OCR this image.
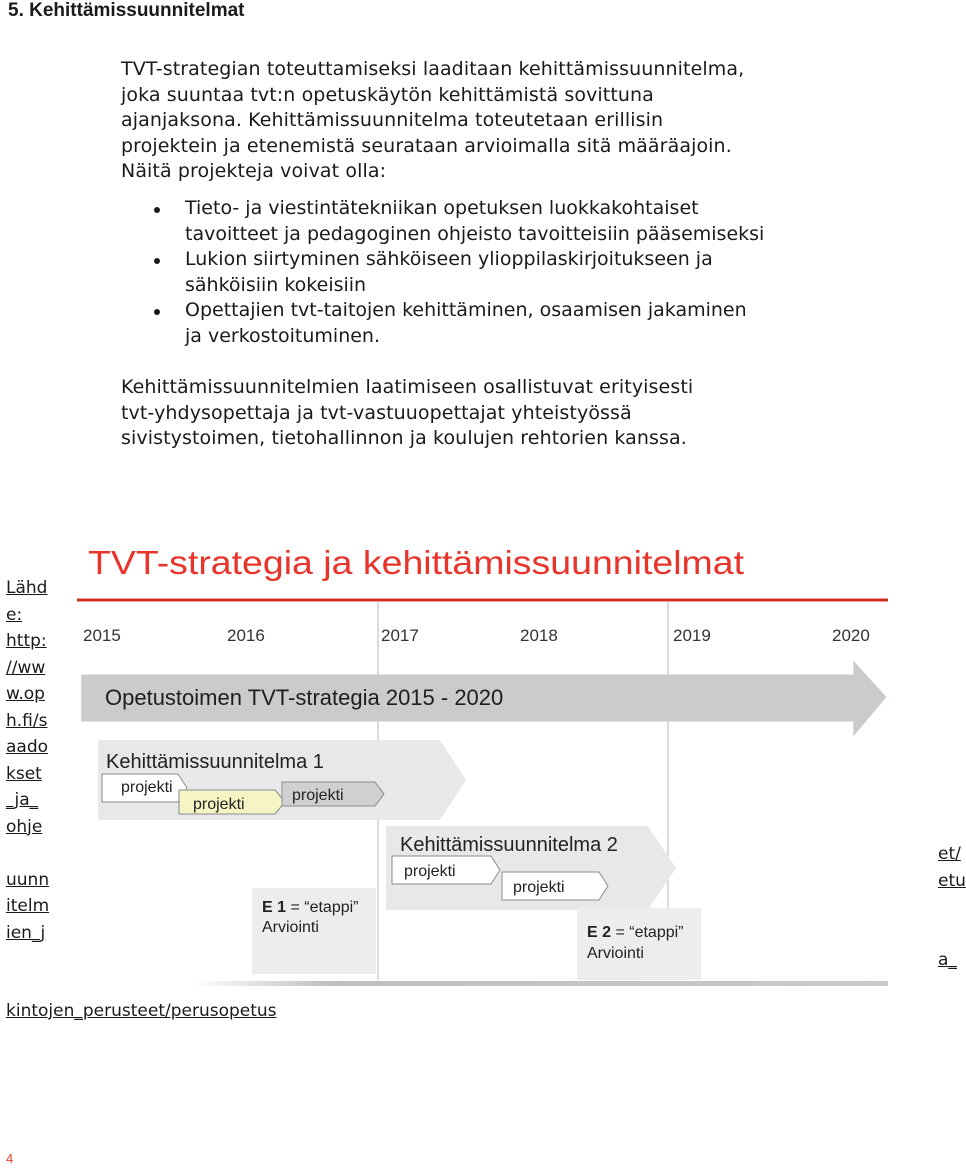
5. Kehittämissuunnitelmat
TVT-strategian toteuttamiseksi laaditaan kehittämissuunnitelma,
joka suuntaa tvt:n opetuskäytön kehittämistä sovittuna
ajanjaksona. Kehittämissuunnitelma toteutetaan erillisin
projektein ja etenemistä seurataan arvioimalla sitä määräajoin.
Näitä projekteja voivat olla:
Tieto- ja viestintätekniikan opetuksen luokkakohtaiset
tavoitteet ja pedagoginen ohjeisto tavoitteisiin pääsemiseksi
Lukion siirtyminen sähköiseen ylioppilaskirjoitukseen ja
sähköisiin kokeisiin
Opettajien tvt-taitojen kehittäminen, osaamisen jakaminen
ja verkostoituminen.
Kehittämissuunnitelmien laatimiseen osallistuvat erityisesti
tvt-yhdysopettaja ja tvt-vastuuopettajat yhteistyössä
sivistystoimen, tietohallinnon ja koulujen rehtorien kanssa.
Lähd
e:
http:
//ww
w.op
h.fi/s
aado
kset
_ja_
ohje
uunn
itelm
ien_j
et/
etu
a_
kintojen_perusteet/perusopetus
TVT-strategia ja kehittämissuunnitelmat
2015	2016	2017	2018	2019	2020
Opetustoimen TVT-strategia 2015 - 2020
Kehittämissuunnitelma 1
projekti
projekti
projekti
Kehittämissuunnitelma 2
projekti
projekti
E 1 = “etappi”
Arviointi	E 2 = “etappi”
Arviointi

4
